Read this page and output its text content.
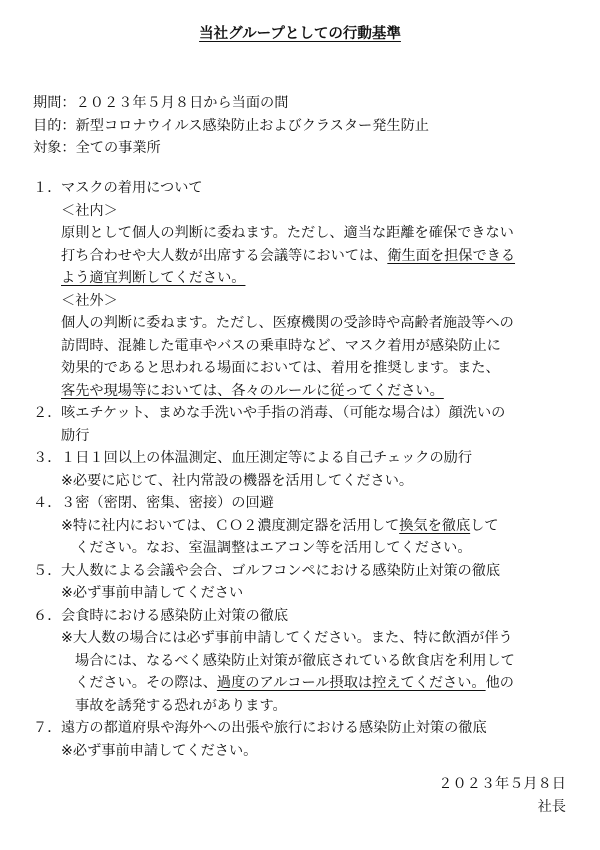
当社グループとしての行動基準
期間：２０２３年５月８日から当面の間
目的：新型コロナウイルス感染防止およびクラスター発生防止
対象：全ての事業所
１． マスクの着用について
＜社内＞
原則として個人の判断に委ねます。ただし、適当な距離を確保できない
打ち合わせや大人数が出席する会議等においては、衛生面を担保できる
よう適宜判断してください。
＜社外＞
個人の判断に委ねます。ただし、医療機関の受診時や高齢者施設等への
訪問時、混雑した電車やバスの乗車時など、マスク着用が感染防止に
効果的であると思われる場面においては、着用を推奨します。また、
客先や現場等においては、各々のルールに従ってください。
２． 咳エチケット、まめな手洗いや手指の消毒、（可能な場合は）顔洗いの
励行
３． １日１回以上の体温測定、血圧測定等による自己チェックの励行
※必要に応じて、社内常設の機器を活用してください。
４． ３密（密閉、密集、密接）の回避
※特に社内においては、ＣＯ２濃度測定器を活用して換気を徹底して
ください。なお、室温調整はエアコン等を活用してください。
５． 大人数による会議や会合、ゴルフコンペにおける感染防止対策の徹底
※必ず事前申請してください
６． 会食時における感染防止対策の徹底
※大人数の場合には必ず事前申請してください。また、特に飲酒が伴う
場合には、なるべく感染防止対策が徹底されている飲食店を利用して
ください。その際は、過度のアルコール摂取は控えてください。他の
事故を誘発する恐れがあります。
７． 遠方の都道府県や海外への出張や旅行における感染防止対策の徹底
※必ず事前申請してください。
２０２３年５月８日
社長
